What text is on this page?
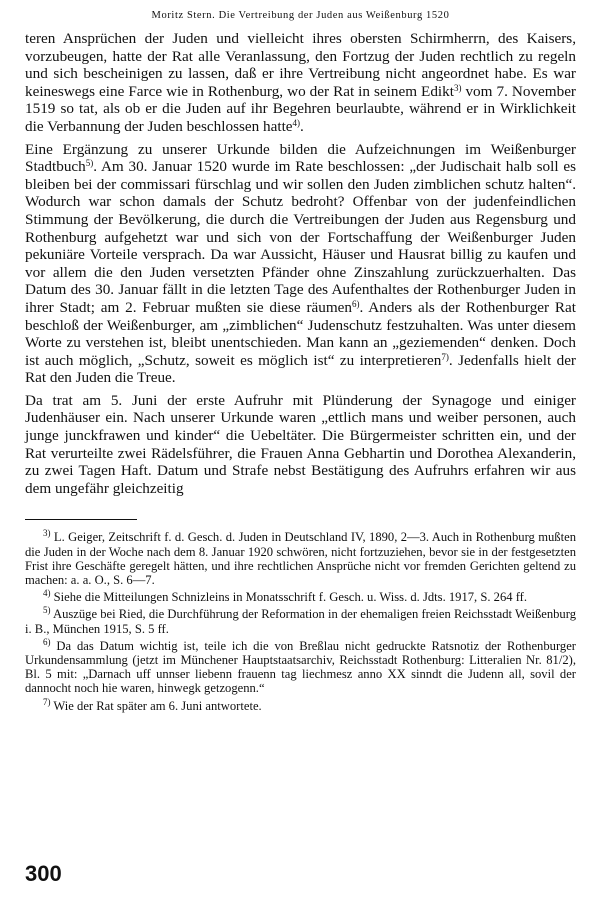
Moritz Stern. Die Vertreibung der Juden aus Weißenburg 1520

teren Ansprüchen der Juden und vielleicht ihres obersten Schirmherrn, des Kaisers, vorzubeugen, hatte der Rat alle Veranlassung, den Fortzug der Juden rechtlich zu regeln und sich bescheinigen zu lassen, daß er ihre Vertreibung nicht angeordnet habe. Es war keineswegs eine Farce wie in Rothenburg, wo der Rat in seinem Edikt$^{3)}$ vom 7. November 1519 so tat, als ob er die Juden auf ihr Begehren beurlaubte, während er in Wirklichkeit die Verbannung der Juden beschlossen hatte$^{4)}$.

Eine Ergänzung zu unserer Urkunde bilden die Aufzeichnungen im Weißenburger Stadtbuch$^{5)}$. Am 30. Januar 1520 wurde im Rate beschlossen: „der Judischait halb soll es bleiben bei der commissari fürschlag und wir sollen den Juden zimblichen schutz halten“. Wodurch war schon damals der Schutz bedroht? Offenbar von der judenfeindlichen Stimmung der Bevölkerung, die durch die Vertreibungen der Juden aus Regensburg und Rothenburg aufgehetzt war und sich von der Fortschaffung der Weißenburger Juden pekuniäre Vorteile versprach. Da war Aussicht, Häuser und Hausrat billig zu kaufen und vor allem die den Juden versetzten Pfänder ohne Zinszahlung zurückzuerhalten. Das Datum des 30. Januar fällt in die letzten Tage des Aufenthaltes der Rothenburger Juden in ihrer Stadt; am 2. Februar mußten sie diese räumen$^{6)}$. Anders als der Rothenburger Rat beschloß der Weißenburger, am „zimblichen“ Judenschutz festzuhalten. Was unter diesem Worte zu verstehen ist, bleibt unentschieden. Man kann an „geziemenden“ denken. Doch ist auch möglich, „Schutz, soweit es möglich ist“ zu interpretieren$^{7)}$. Jedenfalls hielt der Rat den Juden die Treue.

Da trat am 5. Juni der erste Aufruhr mit Plünderung der Synagoge und einiger Judenhäuser ein. Nach unserer Urkunde waren „ettlich mans und weiber personen, auch junge junckfrawen und kinder“ die Uebeltäter. Die Bürgermeister schritten ein, und der Rat verurteilte zwei Rädelsführer, die Frauen Anna Gebhartin und Dorothea Alexanderin, zu zwei Tagen Haft. Datum und Strafe nebst Bestätigung des Aufruhrs erfahren wir aus dem ungefähr gleichzeitig

$^{3)}$ L. Geiger, Zeitschrift f. d. Gesch. d. Juden in Deutschland IV, 1890, 2—3. Auch in Rothenburg mußten die Juden in der Woche nach dem 8. Januar 1920 schwören, nicht fortzuziehen, bevor sie in der festgesetzten Frist ihre Geschäfte geregelt hätten, und ihre rechtlichen Ansprüche nicht vor fremden Gerichten geltend zu machen: a. a. O., S. 6—7.

$^{4)}$ Siehe die Mitteilungen Schnizleins in Monatsschrift f. Gesch. u. Wiss. d. Jdts. 1917, S. 264 ff.

$^{5)}$ Auszüge bei Ried, die Durchführung der Reformation in der ehemaligen freien Reichsstadt Weißenburg i. B., München 1915, S. 5 ff.

$^{6)}$ Da das Datum wichtig ist, teile ich die von Breßlau nicht gedruckte Ratsnotiz der Rothenburger Urkundensammlung (jetzt im Münchener Hauptstaatsarchiv, Reichsstadt Rothenburg: Litteralien Nr. 81/2), Bl. 5 mit: „Darnach uff unnser liebenn frauenn tag liechmesz anno XX sinndt die Judenn all, sovil der dannocht noch hie waren, hinwegk getzogenn.“

$^{7)}$ Wie der Rat später am 6. Juni antwortete.

300
